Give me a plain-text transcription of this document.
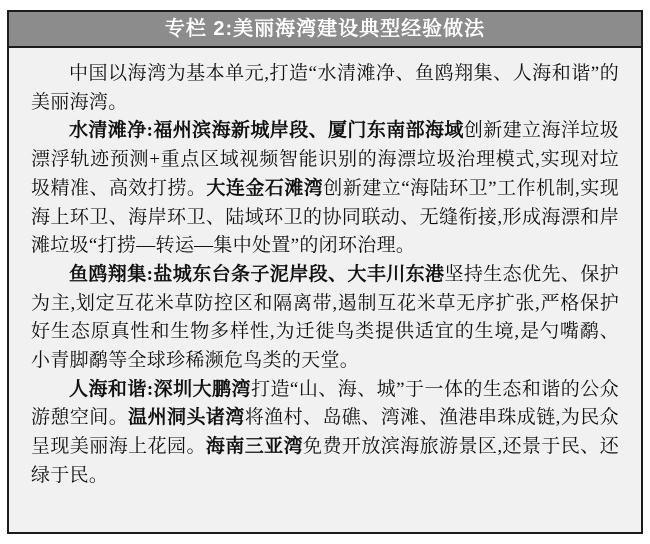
专栏 2:美丽海湾建设典型经验做法

中国以海湾为基本单元,打造“水清滩净、鱼鸥翔集、人海和谐”的美丽海湾。

水清滩净:福州滨海新城岸段、厦门东南部海域创新建立海洋垃圾漂浮轨迹预测+重点区域视频智能识别的海漂垃圾治理模式,实现对垃圾精准、高效打捞。大连金石滩湾创新建立“海陆环卫”工作机制,实现海上环卫、海岸环卫、陆域环卫的协同联动、无缝衔接,形成海漂和岸滩垃圾“打捞—转运—集中处置”的闭环治理。

鱼鸥翔集:盐城东台条子泥岸段、大丰川东港坚持生态优先、保护为主,划定互花米草防控区和隔离带,遏制互花米草无序扩张,严格保护好生态原真性和生物多样性,为迁徙鸟类提供适宜的生境,是勺嘴鹬、小青脚鹬等全球珍稀濒危鸟类的天堂。

人海和谐:深圳大鹏湾打造“山、海、城”于一体的生态和谐的公众游憩空间。温州洞头诸湾将渔村、岛礁、湾滩、渔港串珠成链,为民众呈现美丽海上花园。海南三亚湾免费开放滨海旅游景区,还景于民、还绿于民。
